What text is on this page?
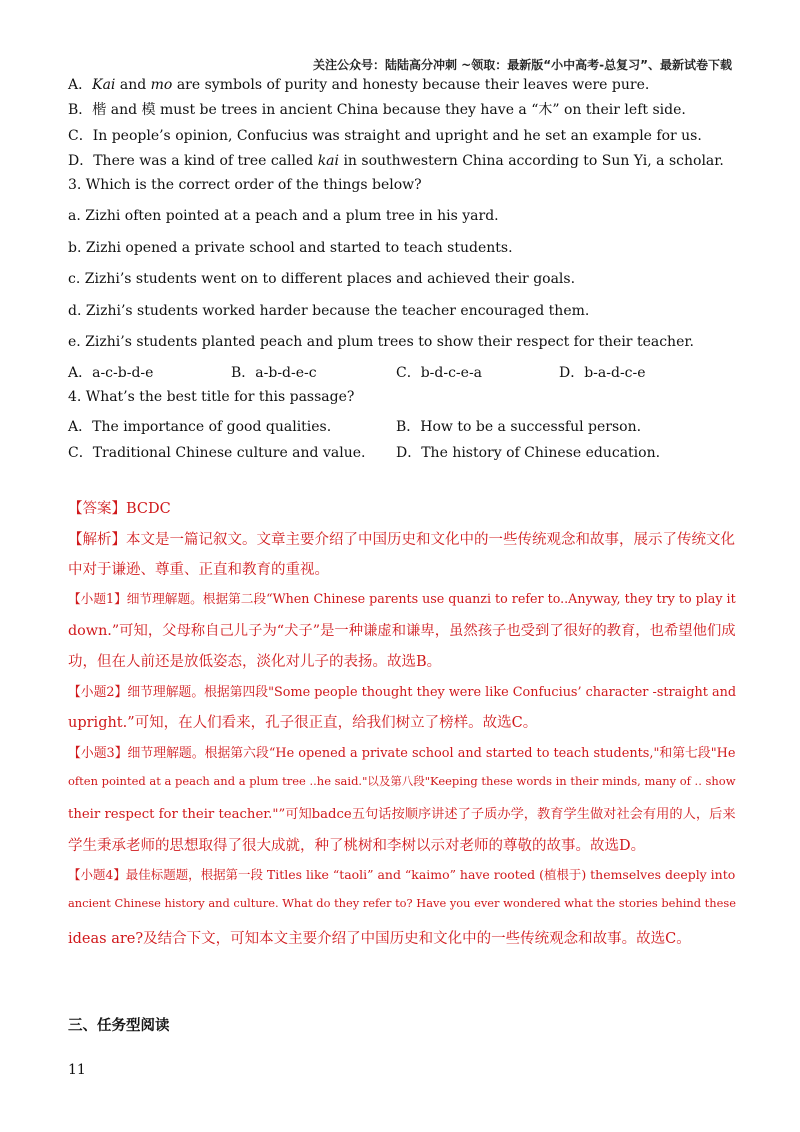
关注公众号：陆陆高分冲刺 ~领取：最新版“小中高考-总复习”、最新试卷下载
A．Kai and mo are symbols of purity and honesty because their leaves were pure.
B．楷 and 模 must be trees in ancient China because they have a “木” on their left side.
C．In people’s opinion, Confucius was straight and upright and he set an example for us.
D．There was a kind of tree called kai in southwestern China according to Sun Yi, a scholar.
3. Which is the correct order of the things below?
a. Zizhi often pointed at a peach and a plum tree in his yard.
b. Zizhi opened a private school and started to teach students.
c. Zizhi’s students went on to different places and achieved their goals.
d. Zizhi’s students worked harder because the teacher encouraged them.
e. Zizhi’s students planted peach and plum trees to show their respect for their teacher.
A．a-c-b-d-e	B．a-b-d-e-c	C．b-d-c-e-a	D．b-a-d-c-e
4. What’s the best title for this passage?
A．The importance of good qualities.	B．How to be a successful person.
C．Traditional Chinese culture and value. D．The history of Chinese education.
【答案】BCDC
【解析】本文是一篇记叙文。文章主要介绍了中国历史和文化中的一些传统观念和故事，展示了传统文化
中对于谦逊、尊重、正直和教育的重视。
【小题1】细节理解题。根据第二段“When Chinese parents use quanzi to refer to..Anyway, they try to play it
down.”可知，父母称自己儿子为“犬子”是一种谦虚和谦卑，虽然孩子也受到了很好的教育，也希望他们成
功，但在人前还是放低姿态，淡化对儿子的表扬。故选B。
【小题2】细节理解题。根据第四段"Some people thought they were like Confucius’ character -straight and
upright.”可知，在人们看来，孔子很正直，给我们树立了榜样。故选C。
【小题3】细节理解题。根据第六段“He opened a private school and started to teach students,"和第七段"He
often pointed at a peach and a plum tree ..he said."以及第八段"Keeping these words in their minds, many of .. show
their respect for their teacher."”可知badce五句话按顺序讲述了子质办学，教育学生做对社会有用的人，后来
学生秉承老师的思想取得了很大成就，种了桃树和李树以示对老师的尊敬的故事。故选D。
【小题4】最佳标题题，根据第一段 Titles like “taoli” and “kaimo” have rooted (植根于) themselves deeply into
ancient Chinese history and culture. What do they refer to? Have you ever wondered what the stories behind these
ideas are?及结合下文，可知本文主要介绍了中国历史和文化中的一些传统观念和故事。故选C。
三、任务型阅读
11
